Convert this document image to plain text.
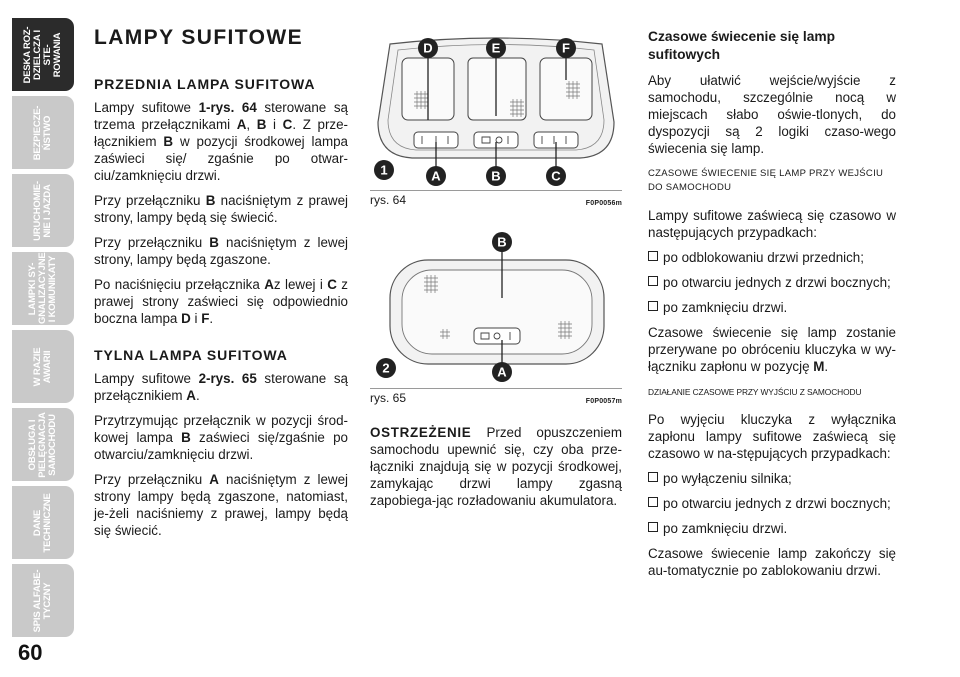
DESKA ROZ-
DZIELCZA I STE-
ROWANIA
BEZPIECZE-
ŃSTWO
URUCHOMIE-
NIE I JAZDA
LAMPKI SY-
GNALIZACYJNE
I KOMUNIKATY
W RAZIE
AWARII
OBSŁUGA I
PIELĘGNACJA
SAMOCHODU
DANE
TECHNICZNE
SPIS ALFABE-
TYCZNY
60
LAMPY SUFITOWE
PRZEDNIA LAMPA SUFITOWA

Lampy sufitowe 1-rys. 64 sterowane są trzema przełącznikami A, B i C. Z prze-łącznikiem B w pozycji środkowej lampa zaświeci się/ zgaśnie po otwar-ciu/zamknięciu drzwi.

Przy przełączniku B naciśniętym z prawej strony, lampy będą się świecić.

Przy przełączniku B naciśniętym z lewej strony, lampy będą zgaszone.

Po naciśnięciu przełącznika Az lewej i C z prawej strony zaświeci się odpowiednio boczna lampa D i F.

TYLNA LAMPA SUFITOWA

Lampy sufitowe 2-rys. 65 sterowane są przełącznikiem A.

Przytrzymując przełącznik w pozycji środ-kowej lampa B zaświeci się/zgaśnie po otwarciu/zamknięciu drzwi.

Przy przełączniku A naciśniętym z lewej strony lampy będą zgaszone, natomiast, je-żeli naciśniemy z prawej, lampy będą się świecić.

D	E	F
A	B	C
1
rys. 64	F0P0056m
B
A
2
rys. 65	F0P0057m

OSTRZEŻENIE Przed opuszczeniem samochodu upewnić się, czy oba prze-łączniki znajdują się w pozycji środkowej, zamykając drzwi lampy zgasną zapobiega-jąc rozładowaniu akumulatora.

Czasowe świecenie się lamp sufitowych

Aby ułatwić wejście/wyjście z samochodu, szczególnie nocą w miejscach słabo oświe-tlonych, do dyspozycji są 2 logiki czaso-wego świecenia się lamp.

CZASOWE ŚWIECENIE SIĘ LAMP PRZY WEJŚCIU DO SAMOCHODU

Lampy sufitowe zaświecą się czasowo w następujących przypadkach:

po odblokowaniu drzwi przednich;
po otwarciu jednych z drzwi bocznych;
po zamknięciu drzwi.

Czasowe świecenie się lamp zostanie przerywane po obróceniu kluczyka w wy-łączniku zapłonu w pozycję M.

DZIAŁANIE CZASOWE PRZY WYJŚCIU Z SAMOCHODU

Po wyjęciu kluczyka z wyłącznika zapłonu lampy sufitowe zaświecą się czasowo w na-stępujących przypadkach:

po wyłączeniu silnika;
po otwarciu jednych z drzwi bocznych;
po zamknięciu drzwi.

Czasowe świecenie lamp zakończy się au-tomatycznie po zablokowaniu drzwi.
